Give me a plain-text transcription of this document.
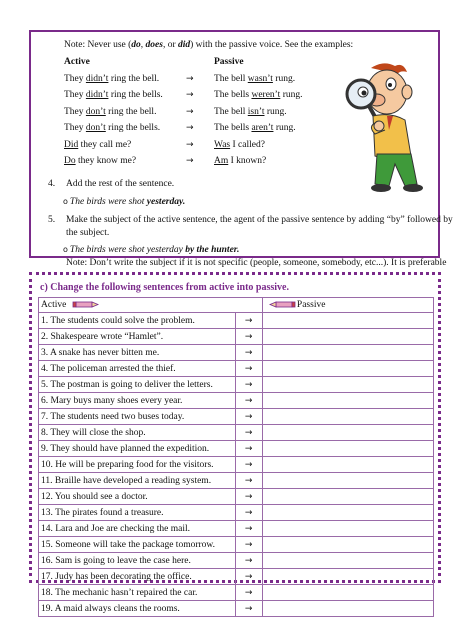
Note: Never use (do, does, or did) with the passive voice. See the examples:
Active	Passive
They didn’t ring the bell.	→ The bell wasn’t rung.
They didn’t ring the bells.	→ The bells weren’t rung.
They don’t ring the bell.	→ The bell isn’t rung.
They don’t ring the bells.	→ The bells aren’t rung.
Did they call me?	→ Was I called?
Do they know me?	→ Am I known?
4. Add the rest of the sentence.
o The birds were shot yesterday.
5. Make the subject of the active sentence, the agent of the passive sentence by adding “by” followed by
the subject.
o The birds were shot yesterday by the hunter.
Note: Don’t write the subject if it is not specific (people, someone, somebody, etc...). It is preferable
c) Change the following sentences from active into passive.
Active		Passive
1. The students could solve the problem.	→	
2. Shakespeare wrote “Hamlet”.	→	
3. A snake has never bitten me.	→	
4. The policeman arrested the thief.	→	
5. The postman is going to deliver the letters.	→	
6. Mary buys many shoes every year.	→	
7. The students need two buses today.	→	
8. They will close the shop.	→	
9. They should have planned the expedition.	→	
10. He will be preparing food for the visitors.	→	
11. Braille have developed a reading system.	→	
12. You should see a doctor.	→	
13. The pirates found a treasure.	→	
14. Lara and Joe are checking the mail.	→	
15. Someone will take the package tomorrow.	→	
16. Sam is going to leave the case here.	→	
17. Judy has been decorating the office.	→	
18. The mechanic hasn’t repaired the car.	→	
19. A maid always cleans the rooms.	→	
